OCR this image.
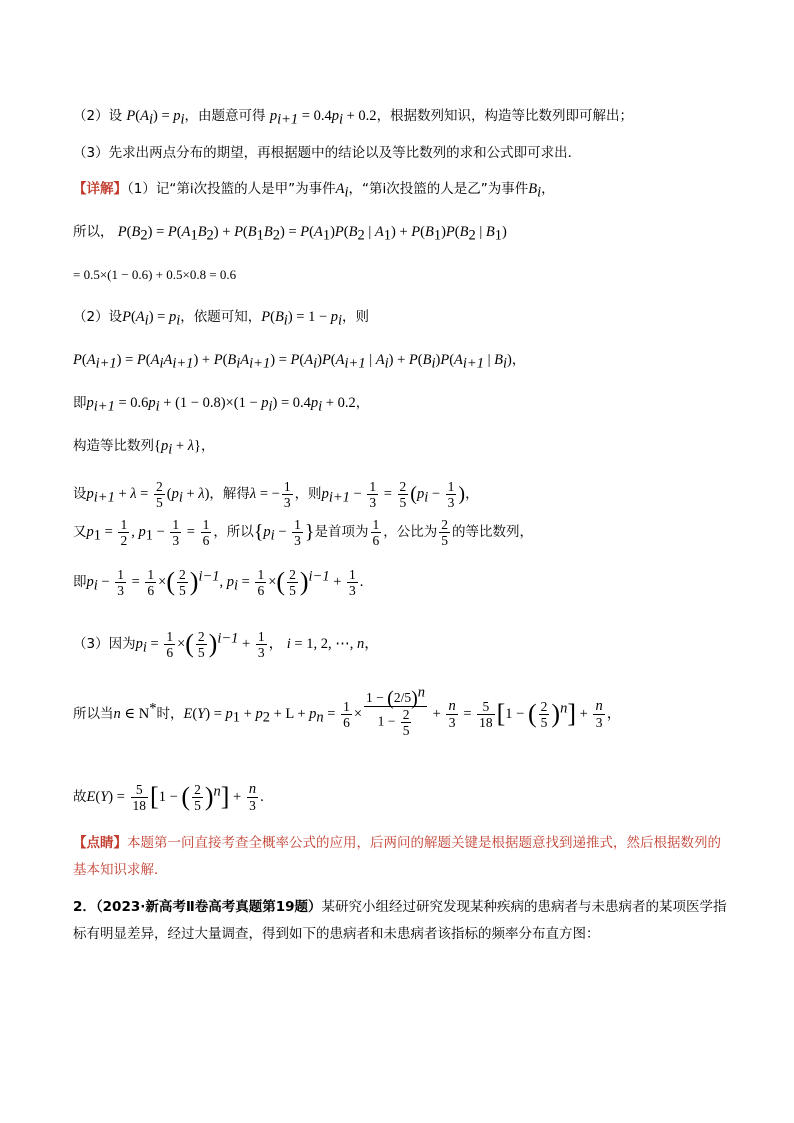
（2）设 $P(A_i) = p_i$，由题意可得 $p_{i+1} = 0.4p_i + 0.2$，根据数列知识，构造等比数列即可解出；
（3）先求出两点分布的期望，再根据题中的结论以及等比数列的求和公式即可求出．
【详解】（1）记“第i次投篮的人是甲”为事件$A_i$，“第i次投篮的人是乙”为事件$B_i$，
所以， $P(B_2) = P(A_1B_2) + P(B_1B_2) = P(A_1)P(B_2$ | $A_1) + P(B_1)P(B_2$ | $B_1$)
= 0.5×(1 − 0.6) + 0.5×0.8 = 0.6
（2）设$P(A_i) = p_i$，依题可知，$P(B_i) = 1 - p_i$，则
$P(A_{i+1}) = P(A_iA_{i+1}) + P(B_iA_{i+1}) = P(A_i)P(A_{i+1}$ | $A_i) + P(B_i)P(A_{i+1}$ | $B_i$)，
即$p_{i+1} = 0.6p_i + (1 - 0.8)\times(1 - p_i) = 0.4p_i + 0.2$，
构造等比数列$\{p_i + \lambda\}$，
设$p_{i+1} + \lambda = \frac{2}{5} (p_i + \lambda)$，解得λ = − $\frac{1}{3}$ ，则$p_{i+1} - \frac{1}{3} = \frac{2}{5} (p_i - \frac{1}{3}$ )，
又$p_1 = \frac{1}{2}$ , $p_1 - \frac{1}{3} = \frac{1}{6}$ ，所以{$p_i - \frac{1}{3}$ }是首项为 $\frac{1}{6}$ ，公比为 $\frac{2}{5}$ 的等比数列，
即$p_i - \frac{1}{3} = \frac{1}{6}$ ×( $\frac{2}{5} )^{i-1}$, $p_i = \frac{1}{6}$ ×( $\frac{2}{5} )^{i-1} + \frac{1}{3}$ .
（3）因为$p_i = \frac{1}{6}$ ×( $\frac{2}{5} )^{i-1} + \frac{1}{3}$ ， i = 1, 2, ⋯, n，
所以当n ∈ N*时，$E(Y) = p_1 + p_2 + L + p_n = \frac{1}{6} \times \frac{1 - (2/5)^n}{1 - \frac{2}{5}} + \frac{n}{3} = \frac{5}{18} [1$ − ( $\frac{2}{5} )^n] + \frac{n}{3}$ ，
故$E(Y) = \frac{5}{18} [1$ − ( $\frac{2}{5} )^n] + \frac{n}{3}$ .
【点睛】本题第一问直接考查全概率公式的应用，后两问的解题关键是根据题意找到递推式，然后根据数列的基本知识求解．
2．（2023·新高考Ⅱ卷高考真题第19题）某研究小组经过研究发现某种疾病的患病者与未患病者的某项医学指标有明显差异，经过大量调查，得到如下的患病者和未患病者该指标的频率分布直方图：
